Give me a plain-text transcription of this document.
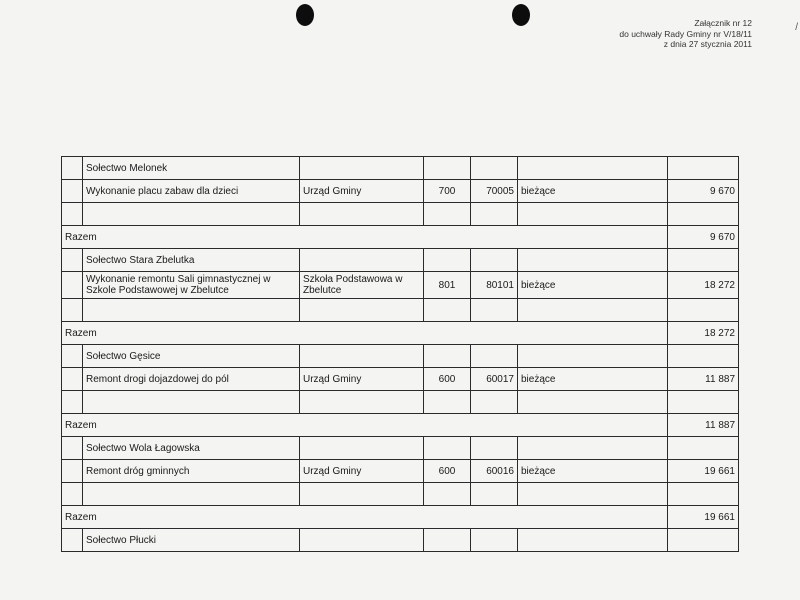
Załącznik nr 12
do uchwały Rady Gminy nr V/18/11
z dnia 27 stycznia 2011
/
	Sołectwo Melonek					
	Wykonanie placu zabaw dla dzieci	Urząd Gminy	700	70005	bieżące	9 670

Razem						9 670
	Sołectwo Stara Zbelutka					
	Wykonanie remontu Sali gimnastycznej w Szkole Podstawowej w Zbelutce	Szkoła Podstawowa w Zbelutce	801	80101	bieżące	18 272

Razem						18 272
	Sołectwo Gęsice					
	Remont drogi dojazdowej do pól	Urząd Gminy	600	60017	bieżące	11 887

Razem						11 887
	Sołectwo Wola Łagowska					
	Remont dróg gminnych	Urząd Gminy	600	60016	bieżące	19 661

Razem						19 661
	Sołectwo Płucki					
